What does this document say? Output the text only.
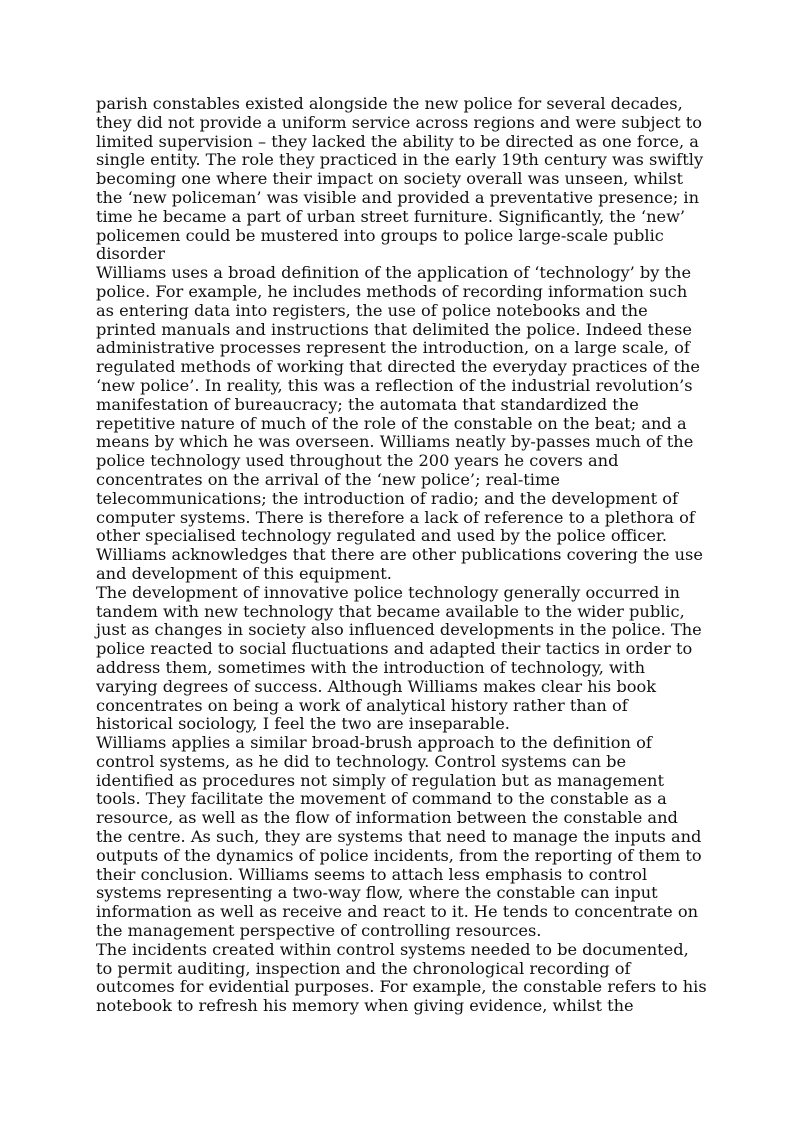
parish constables existed alongside the new police for several decades, they did not provide a uniform service across regions and were subject to limited supervision – they lacked the ability to be directed as one force, a single entity. The role they practiced in the early 19th century was swiftly becoming one where their impact on society overall was unseen, whilst the ‘new policeman’ was visible and provided a preventative presence; in time he became a part of urban street furniture. Significantly, the ‘new’ policemen could be mustered into groups to police large-scale public disorder

Williams uses a broad definition of the application of ‘technology’ by the police. For example, he includes methods of recording information such as entering data into registers, the use of police notebooks and the printed manuals and instructions that delimited the police. Indeed these administrative processes represent the introduction, on a large scale, of regulated methods of working that directed the everyday practices of the ‘new police’. In reality, this was a reflection of the industrial revolution’s manifestation of bureaucracy; the automata that standardized the repetitive nature of much of the role of the constable on the beat; and a means by which he was overseen. Williams neatly by-passes much of the police technology used throughout the 200 years he covers and concentrates on the arrival of the ‘new police’; real-time telecommunications; the introduction of radio; and the development of computer systems. There is therefore a lack of reference to a plethora of other specialised technology regulated and used by the police officer. Williams acknowledges that there are other publications covering the use and development of this equipment.

The development of innovative police technology generally occurred in tandem with new technology that became available to the wider public, just as changes in society also influenced developments in the police. The police reacted to social fluctuations and adapted their tactics in order to address them, sometimes with the introduction of technology, with varying degrees of success. Although Williams makes clear his book concentrates on being a work of analytical history rather than of historical sociology, I feel the two are inseparable.

Williams applies a similar broad-brush approach to the definition of control systems, as he did to technology. Control systems can be identified as procedures not simply of regulation but as management tools. They facilitate the movement of command to the constable as a resource, as well as the flow of information between the constable and the centre. As such, they are systems that need to manage the inputs and outputs of the dynamics of police incidents, from the reporting of them to their conclusion. Williams seems to attach less emphasis to control systems representing a two-way flow, where the constable can input information as well as receive and react to it. He tends to concentrate on the management perspective of controlling resources.

The incidents created within control systems needed to be documented, to permit auditing, inspection and the chronological recording of outcomes for evidential purposes. For example, the constable refers to his notebook to refresh his memory when giving evidence, whilst the
